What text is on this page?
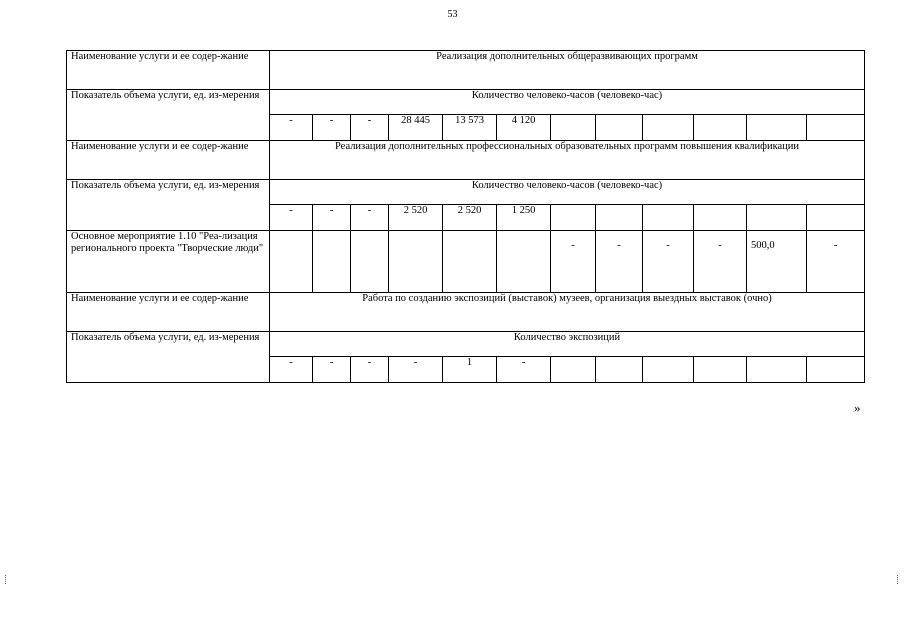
53
Наименование услуги и ее содер-жание	Реализация дополнительных общеразвивающих программ											
Показатель объема услуги, ед. из-мерения	Количество человеко-часов (человеко-час)											
	-	-	-	28 445	13 573	4 120						
Наименование услуги и ее содер-жание	Реализация дополнительных профессиональных образовательных программ повышения квалификации											
Показатель объема услуги, ед. из-мерения	Количество человеко-часов (человеко-час)											
	-	-	-	2 520	2 520	1 250						
Основное мероприятие 1.10 "Реа-лизация регионального проекта "Творческие люди"							-	-	-	-	500,0	-
Наименование услуги и ее содер-жание	Работа по созданию экспозиций (выставок) музеев, организация выездных выставок (очно)											
Показатель объема услуги, ед. из-мерения	Количество экспозиций											
	-	-	-	-	1	-						
»
